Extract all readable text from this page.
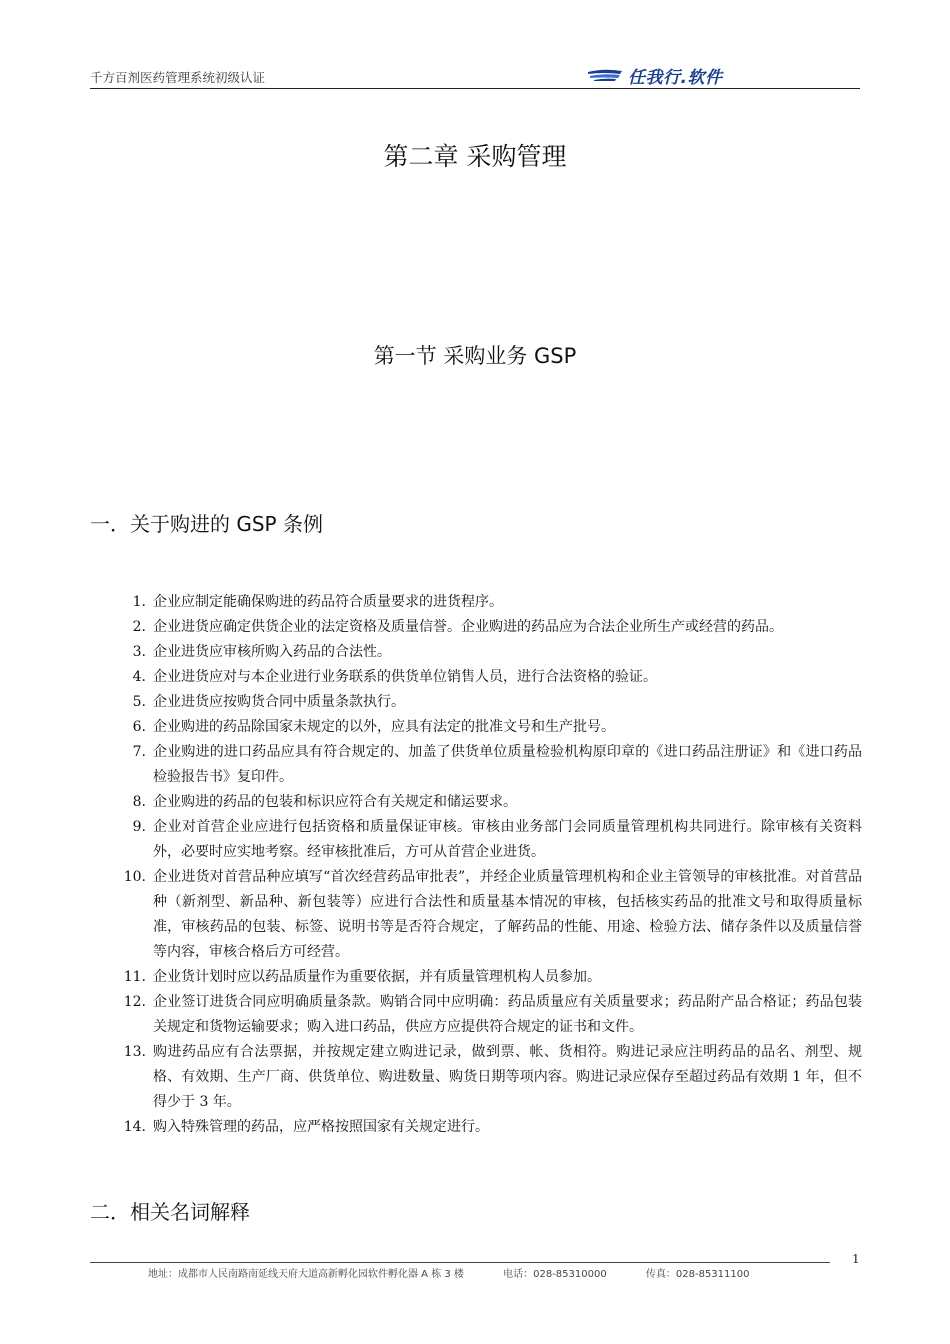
千方百剂医药管理系统初级认证	任我行.软件
第二章 采购管理
第一节 采购业务 GSP
一．关于购进的 GSP 条例
1. 企业应制定能确保购进的药品符合质量要求的进货程序。
2. 企业进货应确定供货企业的法定资格及质量信誉。企业购进的药品应为合法企业所生产或经营的药品。
3. 企业进货应审核所购入药品的合法性。
4. 企业进货应对与本企业进行业务联系的供货单位销售人员，进行合法资格的验证。
5. 企业进货应按购货合同中质量条款执行。
6. 企业购进的药品除国家未规定的以外，应具有法定的批准文号和生产批号。
7. 企业购进的进口药品应具有符合规定的、加盖了供货单位质量检验机构原印章的《进口药品注册证》和《进口药品检验报告书》复印件。
8. 企业购进的药品的包装和标识应符合有关规定和储运要求。
9. 企业对首营企业应进行包括资格和质量保证审核。审核由业务部门会同质量管理机构共同进行。除审核有关资料外，必要时应实地考察。经审核批准后，方可从首营企业进货。
10. 企业进货对首营品种应填写“首次经营药品审批表”，并经企业质量管理机构和企业主管领导的审核批准。对首营品种（新剂型、新品种、新包装等）应进行合法性和质量基本情况的审核，包括核实药品的批准文号和取得质量标准，审核药品的包装、标签、说明书等是否符合规定，了解药品的性能、用途、检验方法、储存条件以及质量信誉等内容，审核合格后方可经营。
11. 企业货计划时应以药品质量作为重要依据，并有质量管理机构人员参加。
12. 企业签订进货合同应明确质量条款。购销合同中应明确：药品质量应有关质量要求；药品附产品合格证；药品包装关规定和货物运输要求；购入进口药品，供应方应提供符合规定的证书和文件。
13. 购进药品应有合法票据，并按规定建立购进记录，做到票、帐、货相符。购进记录应注明药品的品名、剂型、规格、有效期、生产厂商、供货单位、购进数量、购货日期等项内容。购进记录应保存至超过药品有效期 1 年，但不得少于 3 年。
14. 购入特殊管理的药品，应严格按照国家有关规定进行。
二．相关名词解释
1
地址：成都市人民南路南延线天府大道高新孵化园软件孵化器 A 栋 3 楼	电话：028-85310000	传真：028-85311100
